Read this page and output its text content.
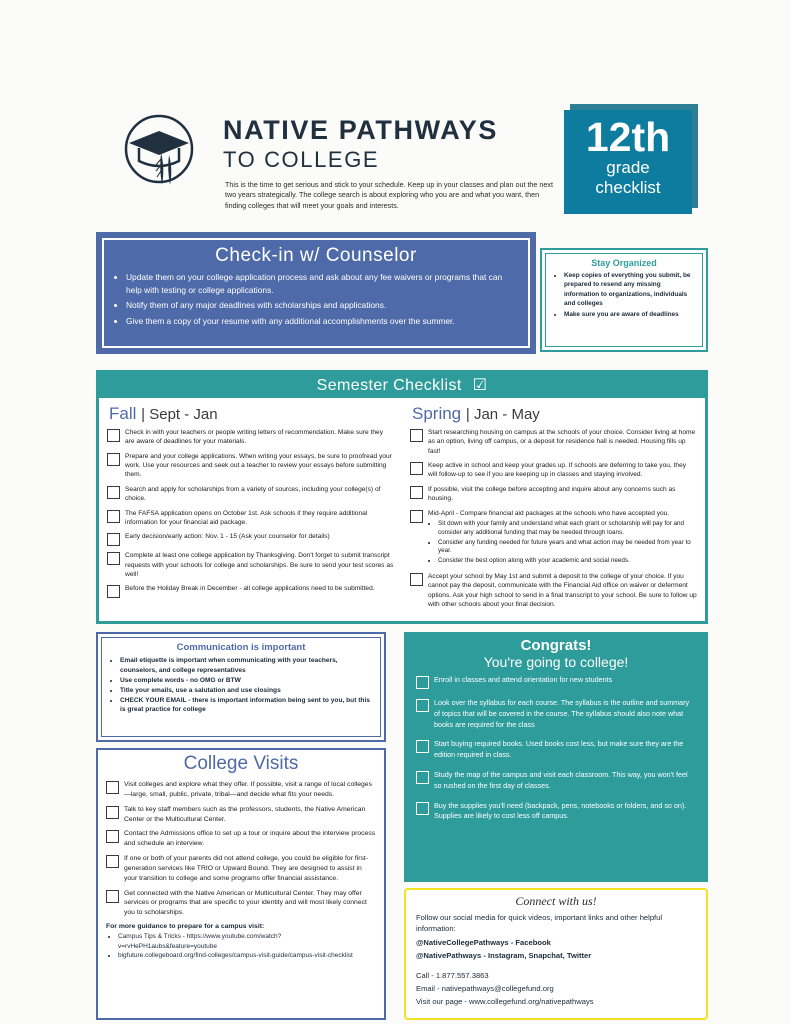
NATIVE PATHWAYS
TO COLLEGE
This is the time to get serious and stick to your schedule. Keep up in your classes and plan out the next two years strategically. The college search is about exploring who you are and what you want, then finding colleges that will meet your goals and interests.
12th
grade
checklist
Check-in w/ Counselor
• Update them on your college application process and ask about any fee waivers or programs that can help with testing or college applications.
• Notify them of any major deadlines with scholarships and applications.
• Give them a copy of your resume with any additional accomplishments over the summer.
Stay Organized
• Keep copies of everything you submit, be prepared to resend any missing information to organizations, individuals and colleges
• Make sure you are aware of deadlines
Semester Checklist ☑
Fall | Sept - Jan
Check in with your teachers or people writing letters of recommendation. Make sure they are aware of deadlines for your materials.
Prepare and your college applications. When writing your essays, be sure to proofread your work. Use your resources and seek out a teacher to review your essays before submitting them.
Search and apply for scholarships from a variety of sources, including your college(s) of choice.
The FAFSA application opens on October 1st. Ask schools if they require additional information for your financial aid package.
Early decision/early action: Nov. 1 - 15 (Ask your counselor for details)
Complete at least one college application by Thanksgiving. Don't forget to submit transcript requests with your schools for college and scholarships. Be sure to send your test scores as well!
Before the Holiday Break in December - all college applications need to be submitted.
Spring | Jan - May
Start researching housing on campus at the schools of your choice. Consider living at home as an option, living off campus, or a deposit for residence hall is needed. Housing fills up fast!
Keep active in school and keep your grades up. If schools are deferring to take you, they will follow-up to see if you are keeping up in classes and staying involved.
If possible, visit the college before accepting and inquire about any concerns such as housing.
Mid-April - Compare financial aid packages at the schools who have accepted you.
• Sit down with your family and understand what each grant or scholarship will pay for and consider any additional funding that may be needed through loans.
• Consider any funding needed for future years and what action may be needed from year to year.
• Consider the best option along with your academic and social needs.
Accept your school by May 1st and submit a deposit to the college of your choice. If you cannot pay the deposit, communicate with the Financial Aid office on waiver or deferment options. Ask your high school to send in a final transcript to your school. Be sure to follow up with other schools about your final decision.
Communication is important
• Email etiquette is important when communicating with your teachers, counselors, and college representatives
• Use complete words - no OMG or BTW
• Title your emails, use a salutation and use closings
• CHECK YOUR EMAIL - there is important information being sent to you, but this is great practice for college
Congrats!
You're going to college!
Enroll in classes and attend orientation for new students
Look over the syllabus for each course. The syllabus is the outline and summary of topics that will be covered in the course. The syllabus should also note what books are required for the class
Start buying required books. Used books cost less, but make sure they are the edition required in class.
Study the map of the campus and visit each classroom. This way, you won't feel so rushed on the first day of classes.
Buy the supplies you'll need (backpack, pens, notebooks or folders, and so on). Supplies are likely to cost less off campus.
College Visits
Visit colleges and explore what they offer. If possible, visit a range of local colleges—large, small, public, private, tribal—and decide what fits your needs.
Talk to key staff members such as the professors, students, the Native American Center or the Multicultural Center.
Contact the Admissions office to set up a tour or inquire about the interview process and schedule an interview.
If one or both of your parents did not attend college, you could be eligible for first-generation services like TRIO or Upward Bound. They are designed to assist in your transition to college and some programs offer financial assistance.
Get connected with the Native American or Multicultural Center. They may offer services or programs that are specific to your identity and will most likely connect you to scholarships.
For more guidance to prepare for a campus visit:
• Campus Tips & Tricks - https://www.youtube.com/watch?v=rvHePH1aubs&feature=youtube
• bigfuture.collegeboard.org/find-colleges/campus-visit-guide/campus-visit-checklist
Connect with us!

Follow our social media for quick videos, important links and other helpful information:

@NativeCollegePathways - Facebook

@NativePathways - Instagram, Snapchat, Twitter

Call - 1.877.557.3863

Email - nativepathways@collegefund.org

Visit our page - www.collegefund.org/nativepathways
